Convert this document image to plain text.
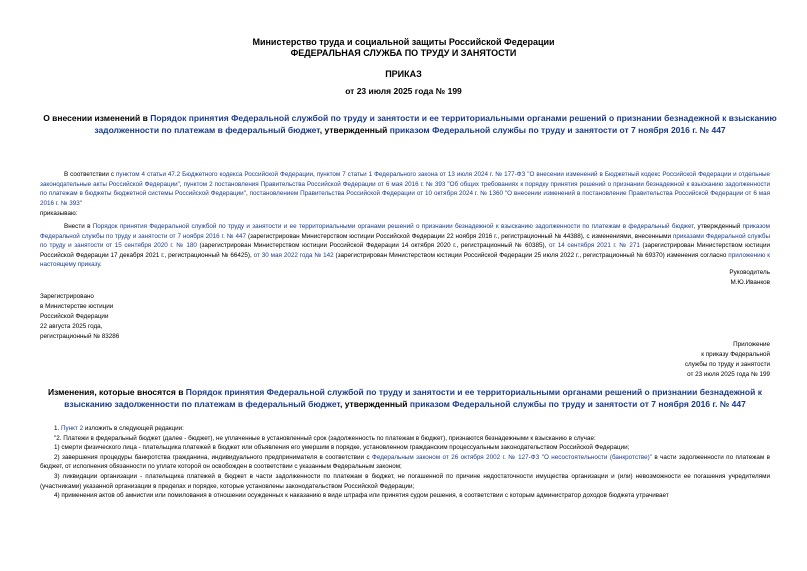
Министерство труда и социальной защиты Российской Федерации
ФЕДЕРАЛЬНАЯ СЛУЖБА ПО ТРУДУ И ЗАНЯТОСТИ
ПРИКАЗ
от 23 июля 2025 года № 199
О внесении изменений в Порядок принятия Федеральной службой по труду и занятости и ее территориальными органами решений о признании безнадежной к взысканию задолженности по платежам в федеральный бюджет, утвержденный приказом Федеральной службы по труду и занятости от 7 ноября 2016 г. № 447
В соответствии с пунктом 4 статьи 47.2 Бюджетного кодекса Российской Федерации, пунктом 7 статьи 1 Федерального закона от 13 июля 2024 г. № 177-ФЗ "О внесении изменений в Бюджетный кодекс Российской Федерации и отдельные законодательные акты Российской Федерации", пунктом 2 постановления Правительства Российской Федерации от 6 мая 2016 г. № 393 "Об общих требованиях к порядку принятия решений о признании безнадежной к взысканию задолженности по платежам в бюджеты бюджетной системы Российской Федерации", постановлением Правительства Российской Федерации от 10 октября 2024 г. № 1360 "О внесении изменений в постановление Правительства Российской Федерации от 6 мая 2016 г. № 393"
приказываю:
Внести в Порядок принятия Федеральной службой по труду и занятости и ее территориальными органами решений о признании безнадежной к взысканию задолженности по платежам в федеральный бюджет, утвержденный приказом Федеральной службы по труду и занятости от 7 ноября 2016 г. № 447 (зарегистрирован Министерством юстиции Российской Федерации 22 ноября 2016 г., регистрационный № 44388), с изменениями, внесенными приказами Федеральной службы по труду и занятости от 15 сентября 2020 г. № 180 (зарегистрирован Министерством юстиции Российской Федерации 14 октября 2020 г., регистрационный № 60385), от 14 сентября 2021 г. № 271 (зарегистрирован Министерством юстиции Российской Федерации 17 декабря 2021 г., регистрационный № 66425), от 30 мая 2022 года № 142 (зарегистрирован Министерством юстиции Российской Федерации 25 июля 2022 г., регистрационный № 69370) изменения согласно приложению к настоящему приказу.
Руководитель
М.Ю.Иванков
Зарегистрировано
в Министерстве юстиции
Российской Федерации
22 августа 2025 года,
регистрационный № 83286
Приложение
к приказу Федеральной
службы по труду и занятости
от 23 июля 2025 года № 199
Изменения, которые вносятся в Порядок принятия Федеральной службой по труду и занятости и ее территориальными органами решений о признании безнадежной к взысканию задолженности по платежам в федеральный бюджет, утвержденный приказом Федеральной службы по труду и занятости от 7 ноября 2016 г. № 447

1. Пункт 2 изложить в следующей редакции:

"2. Платежи в федеральный бюджет (далее - бюджет), не уплаченные в установленный срок (задолженность по платежам в бюджет), признаются безнадежными к взысканию в случае:

1) смерти физического лица - плательщика платежей в бюджет или объявления его умершим в порядке, установленном гражданским процессуальным законодательством Российской Федерации;

2) завершения процедуры банкротства гражданина, индивидуального предпринимателя в соответствии с Федеральным законом от 26 октября 2002 г. № 127-ФЗ "О несостоятельности (банкротстве)" в части задолженности по платежам в бюджет, от исполнения обязанности по уплате которой он освобожден в соответствии с указанным Федеральным законом;

3) ликвидации организации - плательщика платежей в бюджет в части задолженности по платежам в бюджет, не погашенной по причине недостаточности имущества организации и (или) невозможности ее погашения учредителями (участниками) указанной организации в пределах и порядке, которые установлены законодательством Российской Федерации;

4) применения актов об амнистии или помилования в отношении осужденных к наказанию в виде штрафа или принятия судом решения, в соответствии с которым администратор доходов бюджета утрачивает
